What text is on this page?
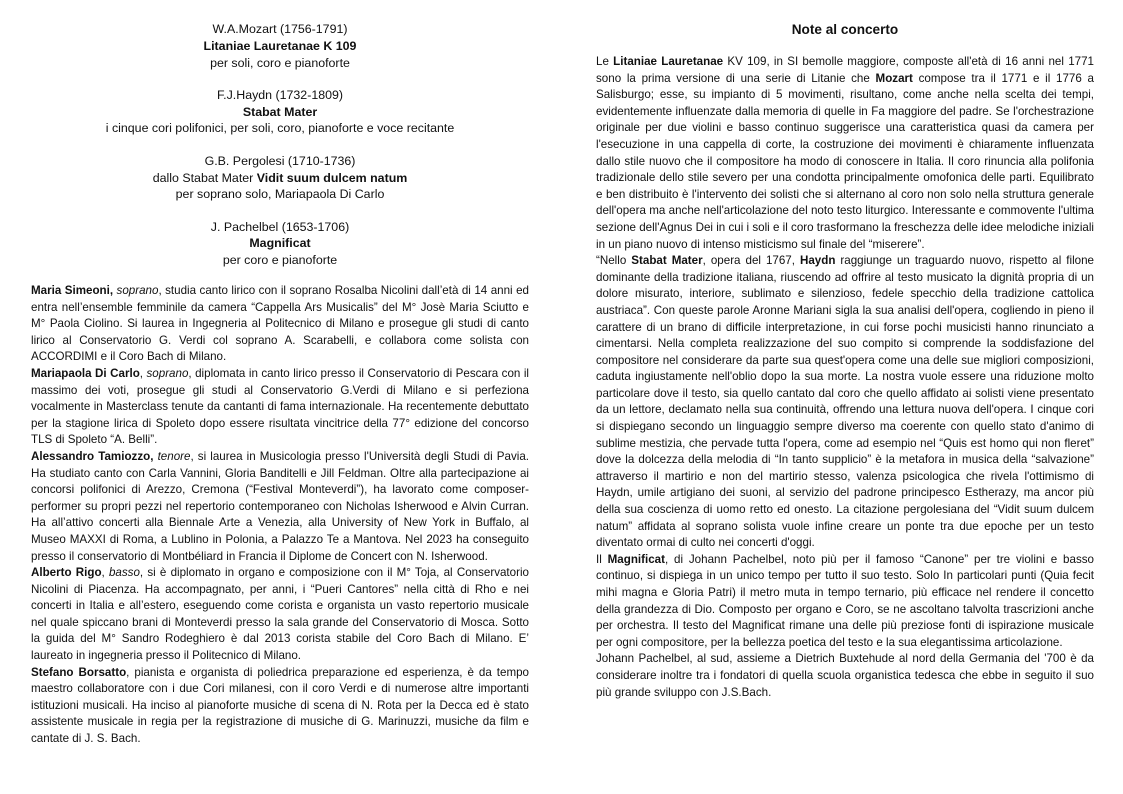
W.A.Mozart (1756-1791)
Litaniae Lauretanae K 109
per soli, coro e pianoforte
F.J.Haydn (1732-1809)
Stabat Mater
i cinque cori polifonici, per soli, coro, pianoforte e voce recitante
G.B. Pergolesi (1710-1736)
dallo Stabat Mater Vidit suum dulcem natum
per soprano solo, Mariapaola Di Carlo
J. Pachelbel (1653-1706)
Magnificat
per coro e pianoforte

Maria Simeoni, soprano, studia canto lirico con il soprano Rosalba Nicolini dall’età di 14 anni ed entra nell’ensemble femminile da camera “Cappella Ars Musicalis” del M° Josè Maria Sciutto e M° Paola Ciolino. Si laurea in Ingegneria al Politecnico di Milano e prosegue gli studi di canto lirico al Conservatorio G. Verdi col soprano A. Scarabelli, e collabora come solista con ACCORDIMI e il Coro Bach di Milano.

Mariapaola Di Carlo, soprano, diplomata in canto lirico presso il Conservatorio di Pescara con il massimo dei voti, prosegue gli studi al Conservatorio G.Verdi di Milano e si perfeziona vocalmente in Masterclass tenute da cantanti di fama internazionale. Ha recentemente debuttato per la stagione lirica di Spoleto dopo essere risultata vincitrice della 77° edizione del concorso TLS di Spoleto “A. Belli”.

Alessandro Tamiozzo, tenore, si laurea in Musicologia presso l'Università degli Studi di Pavia. Ha studiato canto con Carla Vannini, Gloria Banditelli e Jill Feldman. Oltre alla partecipazione ai concorsi polifonici di Arezzo, Cremona (“Festival Monteverdi”), ha lavorato come composer-performer su propri pezzi nel repertorio contemporaneo con Nicholas Isherwood e Alvin Curran. Ha all’attivo concerti alla Biennale Arte a Venezia, alla University of New York in Buffalo, al Museo MAXXI di Roma, a Lublino in Polonia, a Palazzo Te a Mantova. Nel 2023 ha conseguito presso il conservatorio di Montbéliard in Francia il Diplome de Concert con N. Isherwood.

Alberto Rigo, basso, si è diplomato in organo e composizione con il M° Toja, al Conservatorio Nicolini di Piacenza. Ha accompagnato, per anni, i “Pueri Cantores” nella città di Rho e nei concerti in Italia e all’estero, eseguendo come corista e organista un vasto repertorio musicale nel quale spiccano brani di Monteverdi presso la sala grande del Conservatorio di Mosca. Sotto la guida del M° Sandro Rodeghiero è dal 2013 corista stabile del Coro Bach di Milano. E’ laureato in ingegneria presso il Politecnico di Milano.

Stefano Borsatto, pianista e organista di poliedrica preparazione ed esperienza, è da tempo maestro collaboratore con i due Cori milanesi, con il coro Verdi e di numerose altre importanti istituzioni musicali. Ha inciso al pianoforte musiche di scena di N. Rota per la Decca ed è stato assistente musicale in regia per la registrazione di musiche di G. Marinuzzi, musiche da film e cantate di J. S. Bach.

Note al concerto

Le Litaniae Lauretanae KV 109, in SI bemolle maggiore, composte all'età di 16 anni nel 1771 sono la prima versione di una serie di Litanie che Mozart compose tra il 1771 e il 1776 a Salisburgo; esse, su impianto di 5 movimenti, risultano, come anche nella scelta dei tempi, evidentemente influenzate dalla memoria di quelle in Fa maggiore del padre. Se l'orchestrazione originale per due violini e basso continuo suggerisce una caratteristica quasi da camera per l'esecuzione in una cappella di corte, la costruzione dei movimenti è chiaramente influenzata dallo stile nuovo che il compositore ha modo di conoscere in Italia. Il coro rinuncia alla polifonia tradizionale dello stile severo per una condotta principalmente omofonica delle parti. Equilibrato e ben distribuito è l'intervento dei solisti che si alternano al coro non solo nella struttura generale dell'opera ma anche nell'articolazione del noto testo liturgico. Interessante e commovente l'ultima sezione dell'Agnus Dei in cui i soli e il coro trasformano la freschezza delle idee melodiche iniziali in un piano nuovo di intenso misticismo sul finale del “miserere”.

“Nello Stabat Mater, opera del 1767, Haydn raggiunge un traguardo nuovo, rispetto al filone dominante della tradizione italiana, riuscendo ad offrire al testo musicato la dignità propria di un dolore misurato, interiore, sublimato e silenzioso, fedele specchio della tradizione cattolica austriaca”. Con queste parole Aronne Mariani sigla la sua analisi dell'opera, cogliendo in pieno il carattere di un brano di difficile interpretazione, in cui forse pochi musicisti hanno rinunciato a cimentarsi. Nella completa realizzazione del suo compito si comprende la soddisfazione del compositore nel considerare da parte sua quest'opera come una delle sue migliori composizioni, caduta ingiustamente nell'oblio dopo la sua morte. La nostra vuole essere una riduzione molto particolare dove il testo, sia quello cantato dal coro che quello affidato ai solisti viene presentato da un lettore, declamato nella sua continuità, offrendo una lettura nuova dell'opera. I cinque cori si dispiegano secondo un linguaggio sempre diverso ma coerente con quello stato d'animo di sublime mestizia, che pervade tutta l'opera, come ad esempio nel “Quis est homo qui non fleret” dove la dolcezza della melodia di “In tanto supplicio” è la metafora in musica della “salvazione” attraverso il martirio e non del martirio stesso, valenza psicologica che rivela l'ottimismo di Haydn, umile artigiano dei suoni, al servizio del padrone principesco Estherazy, ma ancor più della sua coscienza di uomo retto ed onesto. La citazione pergolesiana del “Vidit suum dulcem natum” affidata al soprano solista vuole infine creare un ponte tra due epoche per un testo diventato ormai di culto nei concerti d'oggi.

Il Magnificat, di Johann Pachelbel, noto più per il famoso “Canone” per tre violini e basso continuo, si dispiega in un unico tempo per tutto il suo testo. Solo In particolari punti (Quia fecit mihi magna e Gloria Patri) il metro muta in tempo ternario, più efficace nel rendere il concetto della grandezza di Dio. Composto per organo e Coro, se ne ascoltano talvolta trascrizioni anche per orchestra. Il testo del Magnificat rimane una delle più preziose fonti di ispirazione musicale per ogni compositore, per la bellezza poetica del testo e la sua elegantissima articolazione.

Johann Pachelbel, al sud, assieme a Dietrich Buxtehude al nord della Germania del '700 è da considerare inoltre tra i fondatori di quella scuola organistica tedesca che ebbe in seguito il suo più grande sviluppo con J.S.Bach.
